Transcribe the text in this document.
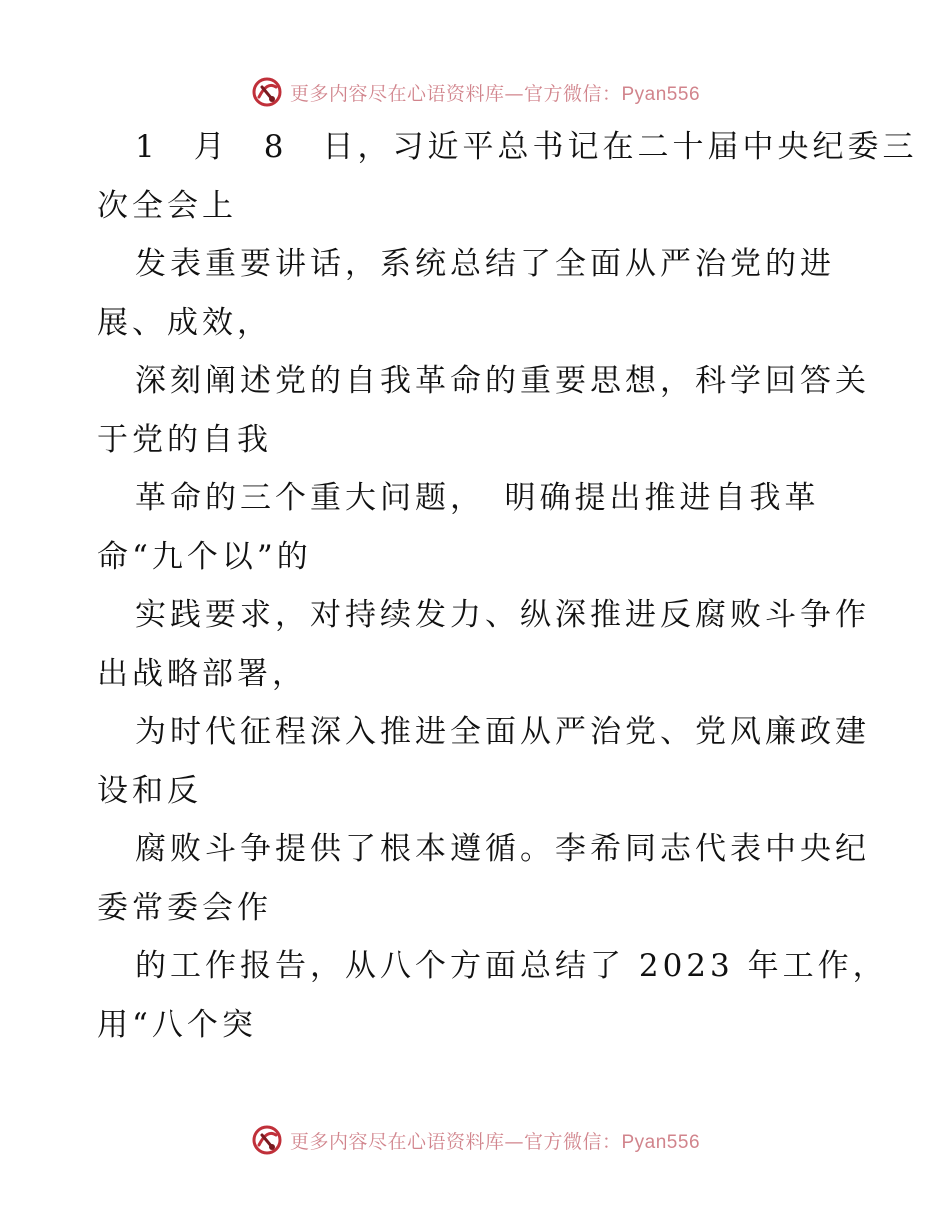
更多内容尽在心语资料库—官方微信：Pyan556
1　月　8　日，习近平总书记在二十届中央纪委三
次全会上
发表重要讲话，系统总结了全面从严治党的进
展、成效，
深刻阐述党的自我革命的重要思想，科学回答关
于党的自我
革命的三个重大问题，　明确提出推进自我革
命“九个以”的
实践要求，对持续发力、纵深推进反腐败斗争作
出战略部署，
为时代征程深入推进全面从严治党、党风廉政建
设和反
腐败斗争提供了根本遵循。李希同志代表中央纪
委常委会作
的工作报告，从八个方面总结了 2023 年工作，
用“八个突
更多内容尽在心语资料库—官方微信：Pyan556
